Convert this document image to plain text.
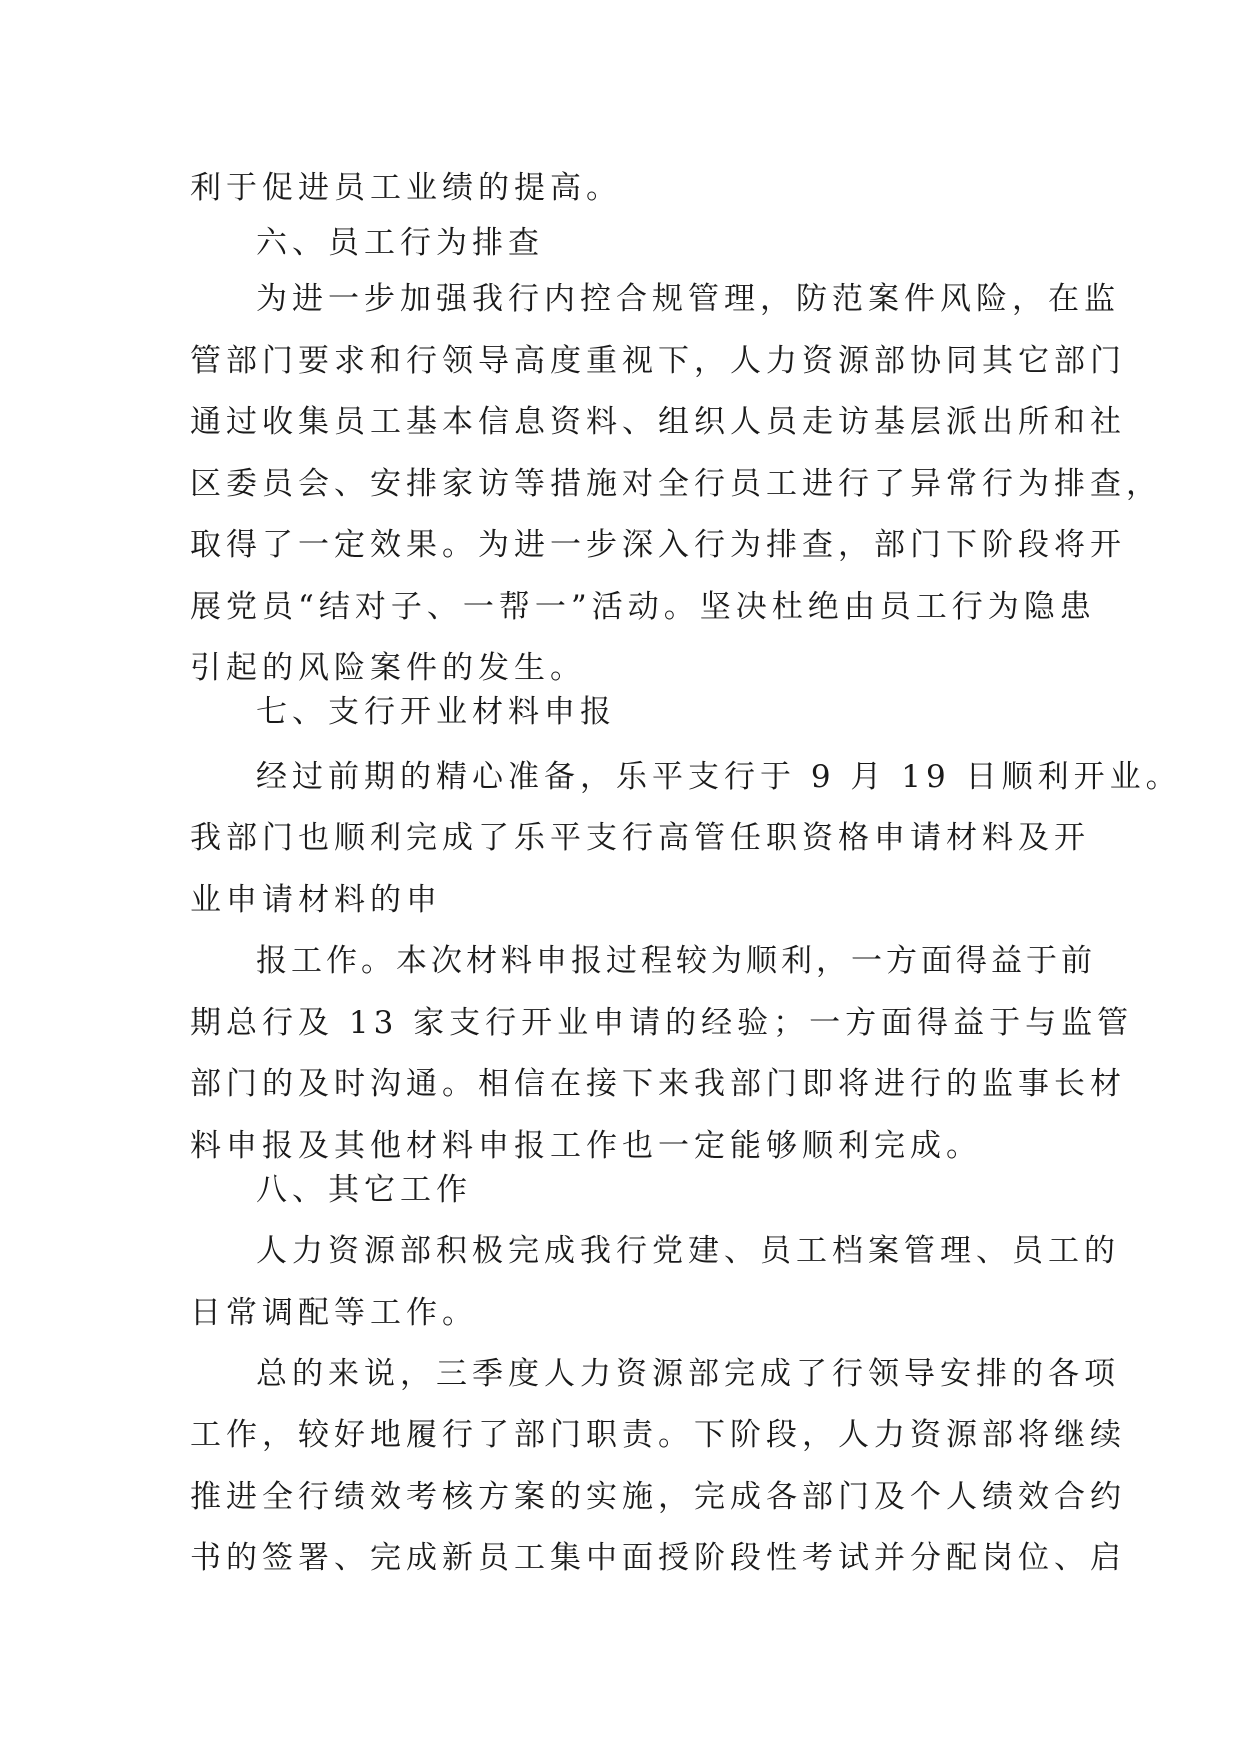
利于促进员工业绩的提高。
六、员工行为排查
为进一步加强我行内控合规管理，防范案件风险，在监
管部门要求和行领导高度重视下，人力资源部协同其它部门
通过收集员工基本信息资料、组织人员走访基层派出所和社
区委员会、安排家访等措施对全行员工进行了异常行为排查，
取得了一定效果。为进一步深入行为排查，部门下阶段将开
展党员“结对子、一帮一”活动。坚决杜绝由员工行为隐患
引起的风险案件的发生。
七、支行开业材料申报
经过前期的精心准备，乐平支行于 9 月 19 日顺利开业。
我部门也顺利完成了乐平支行高管任职资格申请材料及开
业申请材料的申
报工作。本次材料申报过程较为顺利，一方面得益于前
期总行及 13 家支行开业申请的经验；一方面得益于与监管
部门的及时沟通。相信在接下来我部门即将进行的监事长材
料申报及其他材料申报工作也一定能够顺利完成。
八、其它工作
人力资源部积极完成我行党建、员工档案管理、员工的
日常调配等工作。
总的来说，三季度人力资源部完成了行领导安排的各项
工作，较好地履行了部门职责。下阶段，人力资源部将继续
推进全行绩效考核方案的实施，完成各部门及个人绩效合约
书的签署、完成新员工集中面授阶段性考试并分配岗位、启
